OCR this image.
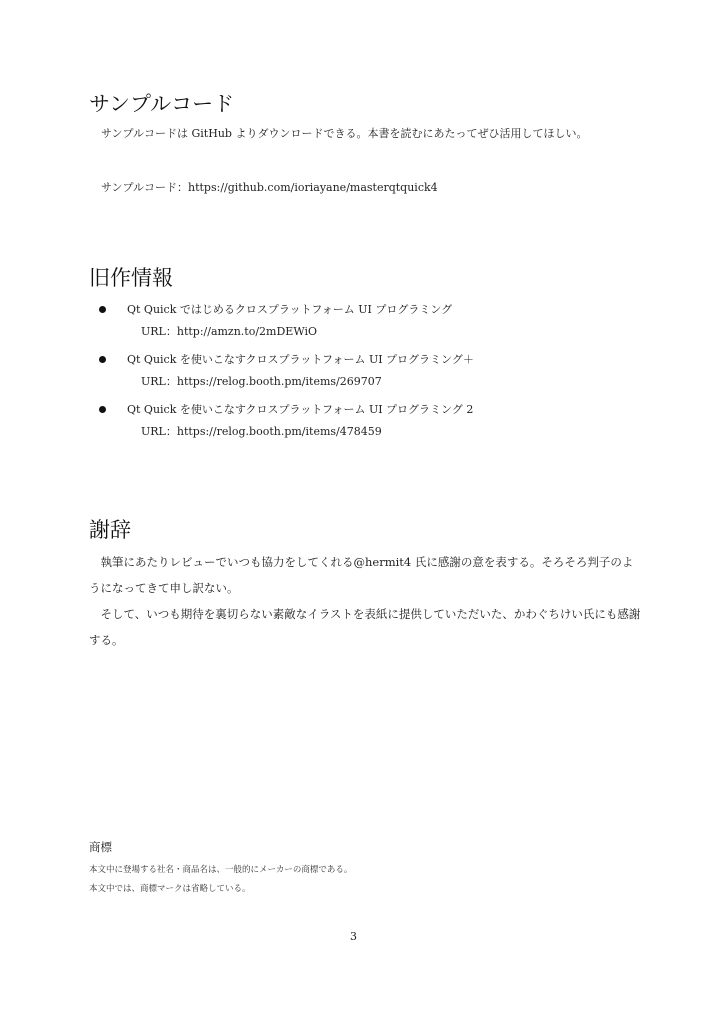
サンプルコード
サンプルコードは GitHub よりダウンロードできる。本書を読むにあたってぜひ活用してほしい。
サンプルコード：https://github.com/ioriayane/masterqtquick4
旧作情報
Qt Quick ではじめるクロスプラットフォーム UI プログラミング
URL：http://amzn.to/2mDEWiO
Qt Quick を使いこなすクロスプラットフォーム UI プログラミング＋
URL：https://relog.booth.pm/items/269707
Qt Quick を使いこなすクロスプラットフォーム UI プログラミング 2
URL：https://relog.booth.pm/items/478459
謝辞

執筆にあたりレビューでいつも協力をしてくれる@hermit4 氏に感謝の意を表する。そろそろ判子のようになってきて申し訳ない。

そして、いつも期待を裏切らない素敵なイラストを表紙に提供していただいた、かわぐちけい氏にも感謝する。

商標
本文中に登場する社名・商品名は、一般的にメーカーの商標である。
本文中では、商標マークは省略している。
3
